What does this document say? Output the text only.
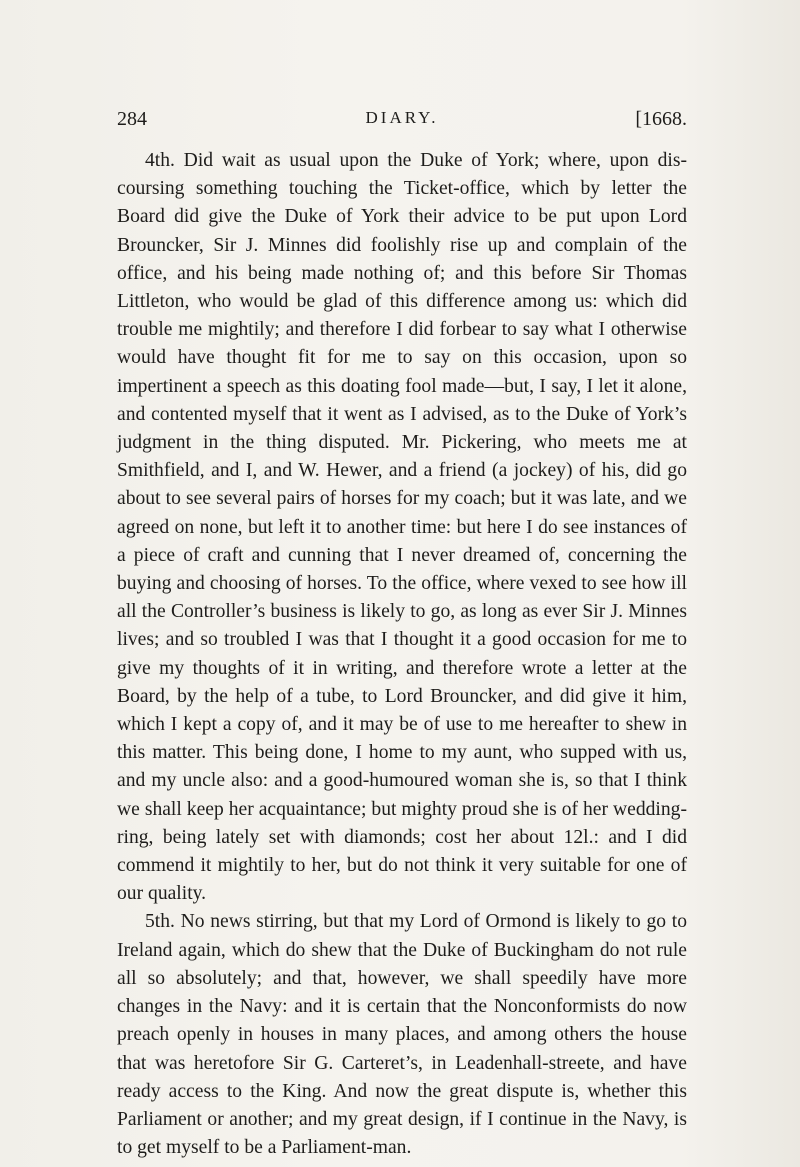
284	DIARY.	[1668.

4th. Did wait as usual upon the Duke of York; where, upon discoursing something touching the Ticket-office, which by letter the Board did give the Duke of York their advice to be put upon Lord Brouncker, Sir J. Minnes did foolishly rise up and complain of the office, and his being made nothing of; and this before Sir Thomas Littleton, who would be glad of this difference among us: which did trouble me mightily; and therefore I did forbear to say what I otherwise would have thought fit for me to say on this occasion, upon so impertinent a speech as this doating fool made—but, I say, I let it alone, and contented myself that it went as I advised, as to the Duke of York’s judgment in the thing disputed. Mr. Pickering, who meets me at Smithfield, and I, and W. Hewer, and a friend (a jockey) of his, did go about to see several pairs of horses for my coach; but it was late, and we agreed on none, but left it to another time: but here I do see instances of a piece of craft and cunning that I never dreamed of, concerning the buying and choosing of horses. To the office, where vexed to see how ill all the Controller’s business is likely to go, as long as ever Sir J. Minnes lives; and so troubled I was that I thought it a good occasion for me to give my thoughts of it in writing, and therefore wrote a letter at the Board, by the help of a tube, to Lord Brouncker, and did give it him, which I kept a copy of, and it may be of use to me hereafter to shew in this matter. This being done, I home to my aunt, who supped with us, and my uncle also: and a good-humoured woman she is, so that I think we shall keep her acquaintance; but mighty proud she is of her wedding-ring, being lately set with diamonds; cost her about 12l.: and I did commend it mightily to her, but do not think it very suitable for one of our quality.

5th. No news stirring, but that my Lord of Ormond is likely to go to Ireland again, which do shew that the Duke of Buckingham do not rule all so absolutely; and that, however, we shall speedily have more changes in the Navy: and it is certain that the Nonconformists do now preach openly in houses in many places, and among others the house that was heretofore Sir G. Carteret’s, in Leadenhall-streete, and have ready access to the King. And now the great dispute is, whether this Parliament or another; and my great design, if I continue in the Navy, is to get myself to be a Parliament-man.
